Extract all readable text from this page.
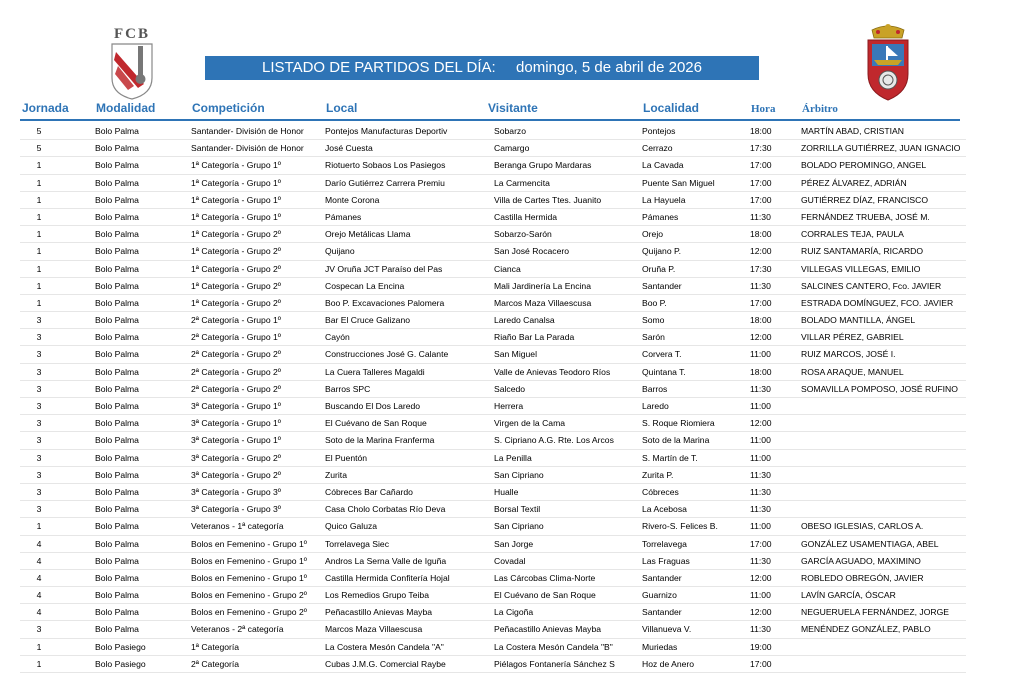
FCB
LISTADO DE PARTIDOS DEL DÍA: domingo, 5 de abril de 2026
Jornada Modalidad	Competición	Local	Visitante	Localidad	Hora Árbitro
5	Bolo Palma	Santander- División de Honor	Pontejos Manufacturas Deportiv	Sobarzo	Pontejos	18:00	MARTÍN ABAD, CRISTIAN
5	Bolo Palma	Santander- División de Honor	José Cuesta	Camargo	Cerrazo	17:30	ZORRILLA GUTIÉRREZ, JUAN IGNACIO
1	Bolo Palma	1ª Categoría - Grupo 1º	Riotuerto Sobaos Los Pasiegos	Beranga Grupo Mardaras	La Cavada	17:00	BOLADO PEROMINGO, ANGEL
1	Bolo Palma	1ª Categoría - Grupo 1º	Darío Gutiérrez Carrera Premiu	La Carmencita	Puente San Miguel	17:00	PÉREZ ÁLVAREZ, ADRIÁN
1	Bolo Palma	1ª Categoría - Grupo 1º	Monte Corona	Villa de Cartes Ttes. Juanito	La Hayuela	17:00	GUTIÉRREZ DÍAZ, FRANCISCO
1	Bolo Palma	1ª Categoría - Grupo 1º	Pámanes	Castilla Hermida	Pámanes	11:30	FERNÁNDEZ TRUEBA, JOSÉ M.
1	Bolo Palma	1ª Categoría - Grupo 2º	Orejo Metálicas Llama	Sobarzo-Sarón	Orejo	18:00	CORRALES TEJA, PAULA
1	Bolo Palma	1ª Categoría - Grupo 2º	Quijano	San José Rocacero	Quijano P.	12:00	RUIZ SANTAMARÍA, RICARDO
1	Bolo Palma	1ª Categoría - Grupo 2º	JV Oruña JCT Paraíso del Pas	Cianca	Oruña P.	17:30	VILLEGAS VILLEGAS, EMILIO
1	Bolo Palma	1ª Categoría - Grupo 2º	Cospecan La Encina	Mali Jardinería La Encina	Santander	11:30	SALCINES CANTERO, Fco. JAVIER
1	Bolo Palma	1ª Categoría - Grupo 2º	Boo P. Excavaciones Palomera	Marcos Maza Villaescusa	Boo P.	17:00	ESTRADA DOMÍNGUEZ, FCO. JAVIER
3	Bolo Palma	2ª Categoría - Grupo 1º	Bar El Cruce Galizano	Laredo Canalsa	Somo	18:00	BOLADO MANTILLA, ÁNGEL
3	Bolo Palma	2ª Categoría - Grupo 1º	Cayón	Riaño Bar La Parada	Sarón	12:00	VILLAR PÉREZ, GABRIEL
3	Bolo Palma	2ª Categoría - Grupo 2º	Construcciones José G. Calante	San Miguel	Corvera T.	11:00	RUIZ MARCOS, JOSÉ I.
3	Bolo Palma	2ª Categoría - Grupo 2º	La Cuera Talleres Magaldi	Valle de Anievas Teodoro Ríos	Quintana T.	18:00	ROSA ARAQUE, MANUEL
3	Bolo Palma	2ª Categoría - Grupo 2º	Barros SPC	Salcedo	Barros	11:30	SOMAVILLA POMPOSO, JOSÉ RUFINO
3	Bolo Palma	3ª Categoría - Grupo 1º	Buscando El Dos Laredo	Herrera	Laredo	11:00
3	Bolo Palma	3ª Categoría - Grupo 1º	El Cuévano de San Roque	Virgen de la Cama	S. Roque Riomiera	12:00
3	Bolo Palma	3ª Categoría - Grupo 1º	Soto de la Marina Franferma	S. Cipriano A.G. Rte. Los Arcos	Soto de la Marina	11:00
3	Bolo Palma	3ª Categoría - Grupo 2º	El Puentón	La Penilla	S. Martín de T.	11:00
3	Bolo Palma	3ª Categoría - Grupo 2º	Zurita	San Cipriano	Zurita P.	11:30
3	Bolo Palma	3ª Categoría - Grupo 3º	Cóbreces Bar Cañardo	Hualle	Cóbreces	11:30
3	Bolo Palma	3ª Categoría - Grupo 3º	Casa Cholo Corbatas Río Deva	Borsal Textil	La Acebosa	11:30
1	Bolo Palma	Veteranos - 1ª categoría	Quico Galuza	San Cipriano	Rivero-S. Felices B.	11:00	OBESO IGLESIAS, CARLOS A.
4	Bolo Palma	Bolos en Femenino - Grupo 1º	Torrelavega Siec	San Jorge	Torrelavega	17:00	GONZÁLEZ USAMENTIAGA, ABEL
4	Bolo Palma	Bolos en Femenino - Grupo 1º	Andros La Serna Valle de Iguña	Covadal	Las Fraguas	11:30	GARCÍA AGUADO, MAXIMINO
4	Bolo Palma	Bolos en Femenino - Grupo 1º	Castilla Hermida Confitería Hojal	Las Cárcobas Clima-Norte	Santander	12:00	ROBLEDO OBREGÓN, JAVIER
4	Bolo Palma	Bolos en Femenino - Grupo 2º	Los Remedios Grupo Teiba	El Cuévano de San Roque	Guarnizo	11:00	LAVÍN GARCÍA, ÓSCAR
4	Bolo Palma	Bolos en Femenino - Grupo 2º	Peñacastillo Anievas Mayba	La Cigoña	Santander	12:00	NEGUERUELA FERNÁNDEZ, JORGE
3	Bolo Palma	Veteranos - 2ª categoría	Marcos Maza Villaescusa	Peñacastillo Anievas Mayba	Villanueva V.	11:30	MENÉNDEZ GONZÁLEZ, PABLO
1	Bolo Pasiego	1ª Categoría	La Costera Mesón Candela "A"	La Costera Mesón Candela "B"	Muriedas	19:00
1	Bolo Pasiego	2ª Categoría	Cubas J.M.G. Comercial Raybe	Piélagos Fontanería Sánchez S	Hoz de Anero	17:00
